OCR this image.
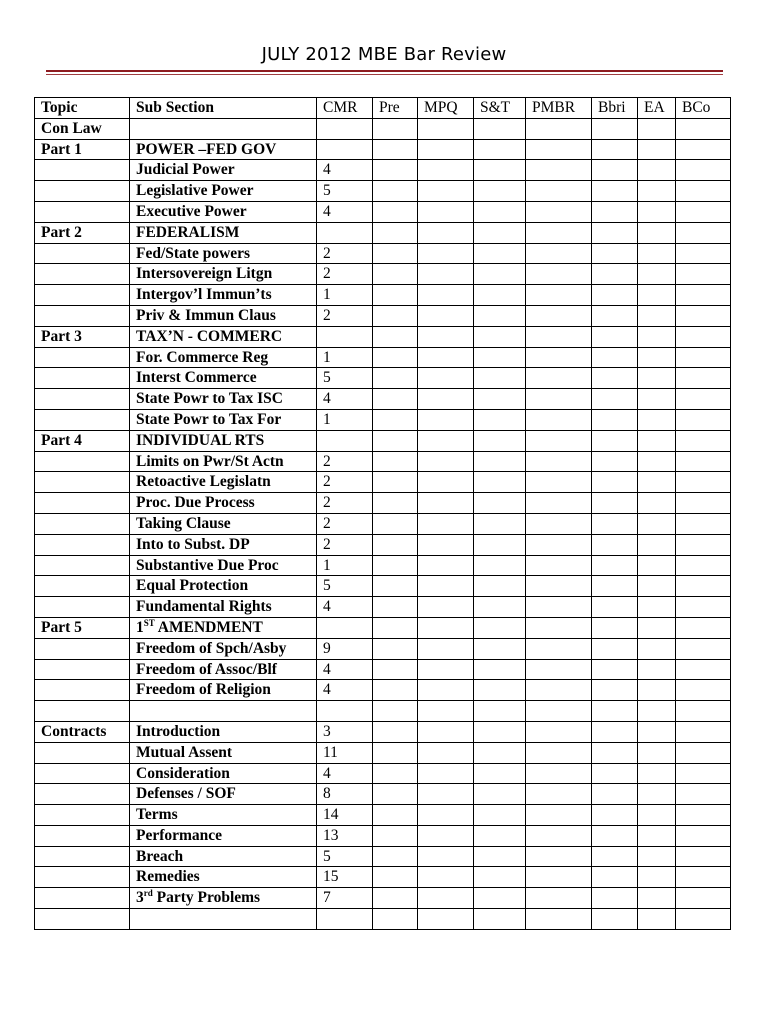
JULY 2012 MBE Bar Review
Topic	Sub Section	CMR	Pre	MPQ	S&T	PMBR	Bbri	EA	BCo
Con Law									
Part 1	POWER –FED GOV								
	Judicial Power	4							
	Legislative Power	5							
	Executive Power	4							
Part 2	FEDERALISM								
	Fed/State powers	2							
	Intersovereign Litgn	2							
	Intergov’l Immun’ts	1							
	Priv & Immun Claus	2							
Part 3	TAX’N - COMMERC								
	For. Commerce Reg	1							
	Interst Commerce	5							
	State Powr to Tax ISC	4							
	State Powr to Tax For	1							
Part 4	INDIVIDUAL RTS								
	Limits on Pwr/St Actn	2							
	Retoactive Legislatn	2							
	Proc. Due Process	2							
	Taking Clause	2							
	Into to Subst. DP	2							
	Substantive Due Proc	1							
	Equal Protection	5							
	Fundamental Rights	4							
Part 5	1ST AMENDMENT								
	Freedom of Spch/Asby	9							
	Freedom of Assoc/Blf	4							
	Freedom of Religion	4							

Contracts	Introduction	3							
	Mutual Assent	11							
	Consideration	4							
	Defenses / SOF	8							
	Terms	14							
	Performance	13							
	Breach	5							
	Remedies	15							
	3rd Party Problems	7							
